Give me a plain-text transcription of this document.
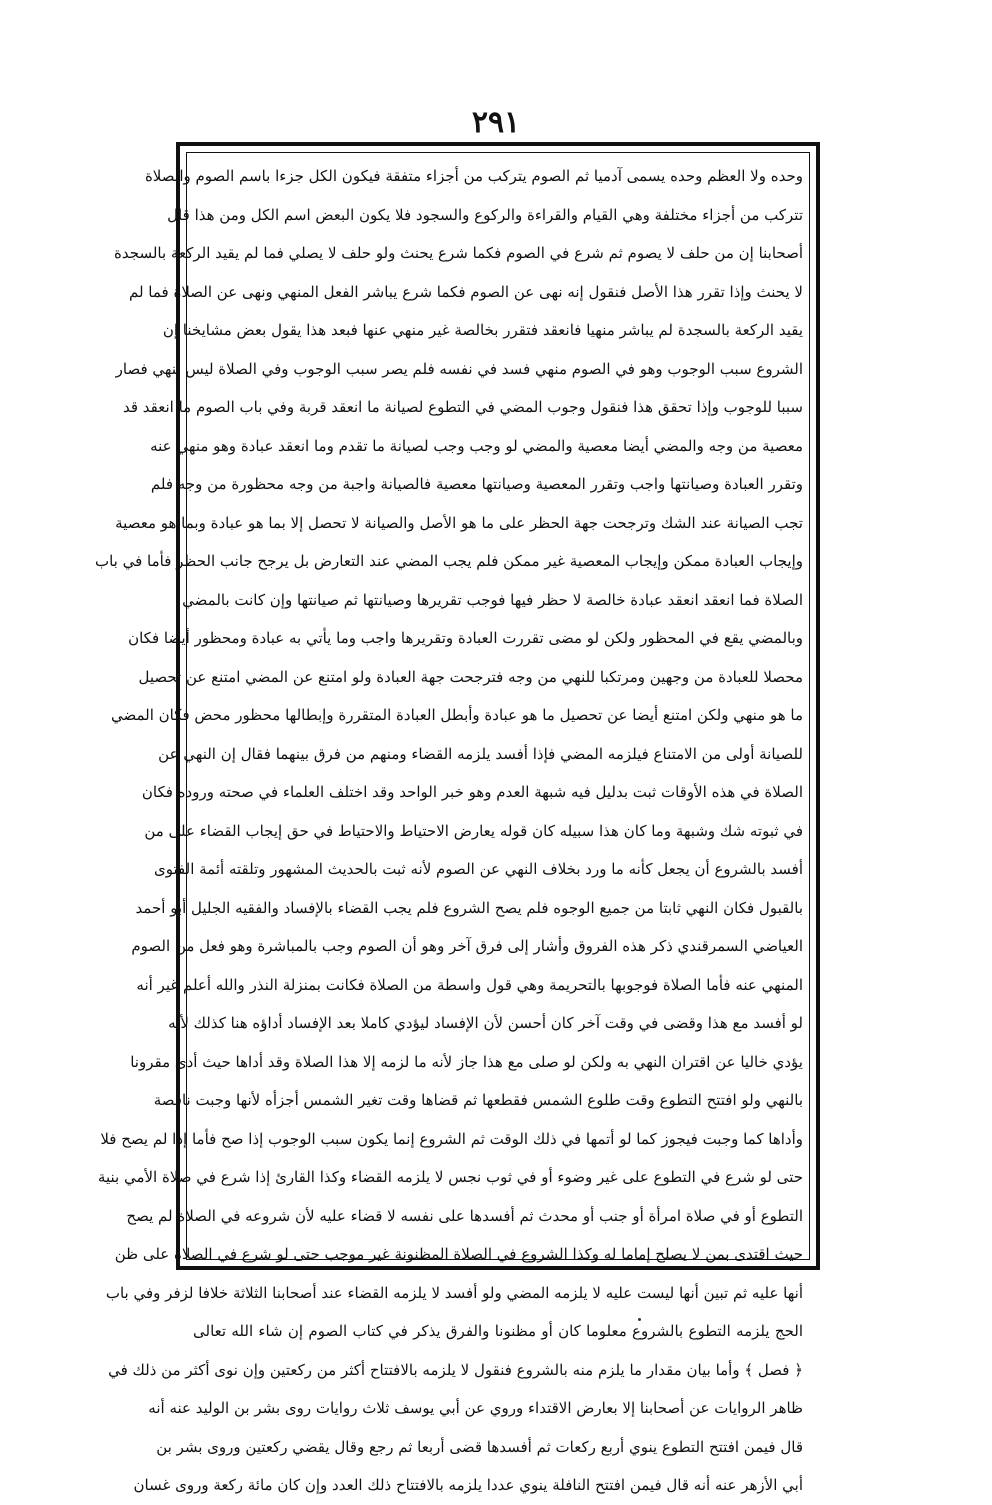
٢٩١
وحده ولا العظم وحده يسمى آدميا ثم الصوم يتركب من أجزاء متفقة فيكون الكل جزءا باسم الصوم والصلاة
تتركب من أجزاء مختلفة وهي القيام والقراءة والركوع والسجود فلا يكون البعض اسم الكل ومن هذا قال
أصحابنا إن من حلف لا يصوم ثم شرع في الصوم فكما شرع يحنث ولو حلف لا يصلي فما لم يقيد الركعة بالسجدة
لا يحنث وإذا تقرر هذا الأصل فنقول إنه نهى عن الصوم فكما شرع يباشر الفعل المنهي ونهى عن الصلاة فما لم
يقيد الركعة بالسجدة لم يباشر منهيا فانعقد فتقرر بخالصة غير منهي عنها فبعد هذا يقول بعض مشايخنا إن
الشروع سبب الوجوب وهو في الصوم منهي فسد في نفسه فلم يصر سبب الوجوب وفي الصلاة ليس بنهي فصار
سببا للوجوب وإذا تحقق هذا فنقول وجوب المضي في التطوع لصيانة ما انعقد قربة وفي باب الصوم ما انعقد قد
معصية من وجه والمضي أيضا معصية والمضي لو وجب وجب لصيانة ما تقدم وما انعقد عبادة وهو منهي عنه
وتقرر العبادة وصيانتها واجب وتقرر المعصية وصيانتها معصية فالصيانة واجبة من وجه محظورة من وجه فلم
تجب الصيانة عند الشك وترجحت جهة الحظر على ما هو الأصل والصيانة لا تحصل إلا بما هو عبادة وبما هو معصية
وإيجاب العبادة ممكن وإيجاب المعصية غير ممكن فلم يجب المضي عند التعارض بل يرجح جانب الحظر فأما في باب
الصلاة فما انعقد انعقد عبادة خالصة لا حظر فيها فوجب تقريرها وصيانتها ثم صيانتها وإن كانت بالمضي
وبالمضي يقع في المحظور ولكن لو مضى تقررت العبادة وتقريرها واجب وما يأتي به عبادة ومحظور أيضا فكان
محصلا للعبادة من وجهين ومرتكبا للنهي من وجه فترجحت جهة العبادة ولو امتنع عن المضي امتنع عن تحصيل
ما هو منهي ولكن امتنع أيضا عن تحصيل ما هو عبادة وأبطل العبادة المتقررة وإبطالها محظور محض فكان المضي
للصيانة أولى من الامتناع فيلزمه المضي فإذا أفسد يلزمه القضاء ومنهم من فرق بينهما فقال إن النهي عن
الصلاة في هذه الأوقات ثبت بدليل فيه شبهة العدم وهو خبر الواحد وقد اختلف العلماء في صحته وروده فكان
في ثبوته شك وشبهة وما كان هذا سبيله كان قوله يعارض الاحتياط والاحتياط في حق إيجاب القضاء على من
أفسد بالشروع أن يجعل كأنه ما ورد بخلاف النهي عن الصوم لأنه ثبت بالحديث المشهور وتلقته أئمة الفتوى
بالقبول فكان النهي ثابتا من جميع الوجوه فلم يصح الشروع فلم يجب القضاء بالإفساد والفقيه الجليل أبو أحمد
العياضي السمرقندي ذكر هذه الفروق وأشار إلى فرق آخر وهو أن الصوم وجب بالمباشرة وهو فعل من الصوم
المنهي عنه فأما الصلاة فوجوبها بالتحريمة وهي قول واسطة من الصلاة فكانت بمنزلة النذر والله أعلم غير أنه
لو أفسد مع هذا وقضى في وقت آخر كان أحسن لأن الإفساد ليؤدي كاملا بعد الإفساد أداؤه هنا كذلك لأنه
يؤدي خاليا عن اقتران النهي به ولكن لو صلى مع هذا جاز لأنه ما لزمه إلا هذا الصلاة وقد أداها حيث أدى مقرونا
بالنهي ولو افتتح التطوع وقت طلوع الشمس فقطعها ثم قضاها وقت تغير الشمس أجزأه لأنها وجبت ناقصة
وأداها كما وجبت فيجوز كما لو أتمها في ذلك الوقت ثم الشروع إنما يكون سبب الوجوب إذا صح فأما إذا لم يصح فلا
حتى لو شرع في التطوع على غير وضوء أو في ثوب نجس لا يلزمه القضاء وكذا القارئ إذا شرع في صلاة الأمي بنية
التطوع أو في صلاة امرأة أو جنب أو محدث ثم أفسدها على نفسه لا قضاء عليه لأن شروعه في الصلاة لم يصح
حيث اقتدى بمن لا يصلح إماما له وكذا الشروع في الصلاة المظنونة غير موجب حتى لو شرع في الصلاة على ظن
أنها عليه ثم تبين أنها ليست عليه لا يلزمه المضي ولو أفسد لا يلزمه القضاء عند أصحابنا الثلاثة خلافا لزفر وفي باب
الحج يلزمه التطوع بالشروع معلوما كان أو مظنونا والفرق يذكر في كتاب الصوم إن شاء الله تعالى
﴿ فصل ﴾ وأما بيان مقدار ما يلزم منه بالشروع فنقول لا يلزمه بالافتتاح أكثر من ركعتين وإن نوى أكثر من ذلك في
ظاهر الروايات عن أصحابنا إلا بعارض الاقتداء وروي عن أبي يوسف ثلاث روايات روى بشر بن الوليد عنه أنه
قال فيمن افتتح التطوع ينوي أربع ركعات ثم أفسدها قضى أربعا ثم رجع وقال يقضي ركعتين وروى بشر بن
أبي الأزهر عنه أنه قال فيمن افتتح النافلة ينوي عددا يلزمه بالافتتاح ذلك العدد وإن كان مائة ركعة وروى غسان
